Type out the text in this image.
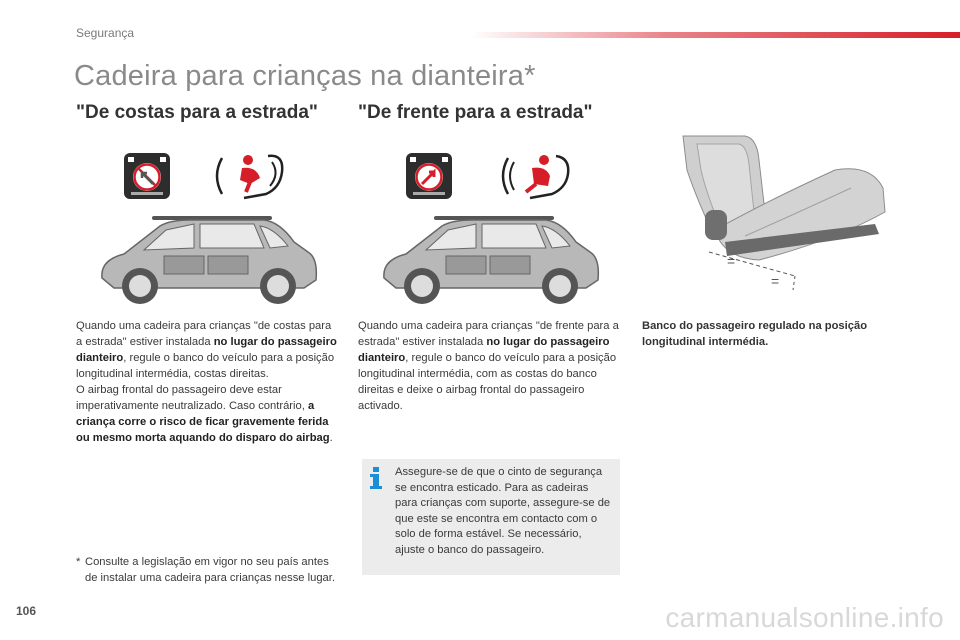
Segurança
Cadeira para crianças na dianteira*
"De costas para a estrada" "De frente para a estrada"
=
=
Quando uma cadeira para crianças "de costas para a estrada" estiver instalada no lugar do passageiro dianteiro, regule o banco do veículo para a posição longitudinal intermédia, costas direitas.
O airbag frontal do passageiro deve estar imperativamente neutralizado. Caso contrário, a criança corre o risco de ficar gravemente ferida ou mesmo morta aquando do disparo do airbag.
Quando uma cadeira para crianças "de frente para a estrada" estiver instalada no lugar do passageiro dianteiro, regule o banco do veículo para a posição longitudinal intermédia, com as costas do banco direitas e deixe o airbag frontal do passageiro activado.
Banco do passageiro regulado na posição longitudinal intermédia.
* Consulte a legislação em vigor no seu país antes de instalar uma cadeira para crianças nesse lugar.
Assegure-se de que o cinto de segurança se encontra esticado. Para as cadeiras para crianças com suporte, assegure-se de que este se encontra em contacto com o solo de forma estável. Se necessário, ajuste o banco do passageiro.
106	carmanualsonline.info
